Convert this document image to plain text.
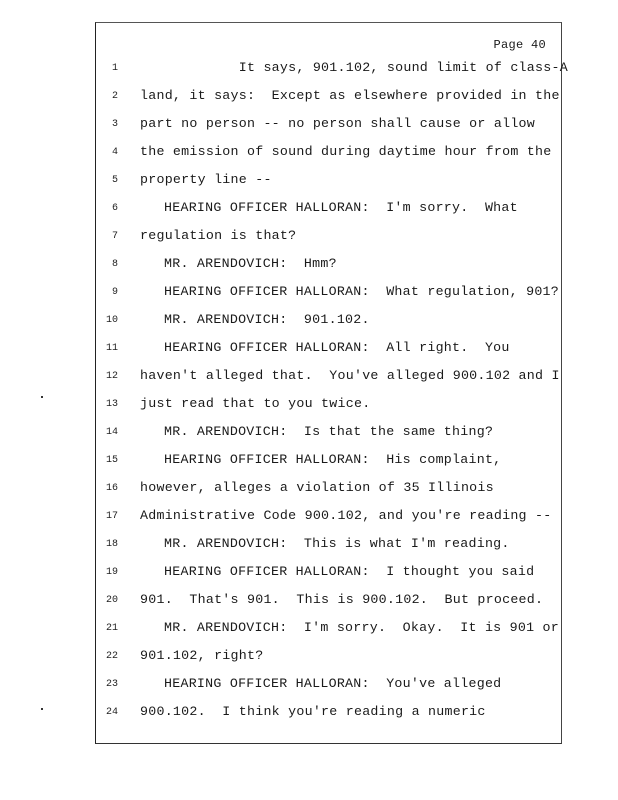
Page 40
1 It says, 901.102, sound limit of class-A
2 land, it says:  Except as elsewhere provided in the
3 part no person -- no person shall cause or allow
4 the emission of sound during daytime hour from the
5 property line --
6	HEARING OFFICER HALLORAN:  I'm sorry.  What
7 regulation is that?
8	MR. ARENDOVICH:  Hmm?
9	HEARING OFFICER HALLORAN:  What regulation, 901?
10	MR. ARENDOVICH:  901.102.
11	HEARING OFFICER HALLORAN:  All right.  You
12 haven't alleged that.  You've alleged 900.102 and I
13 just read that to you twice.
14	MR. ARENDOVICH:  Is that the same thing?
15	HEARING OFFICER HALLORAN:  His complaint,
16 however, alleges a violation of 35 Illinois
17 Administrative Code 900.102, and you're reading --
18	MR. ARENDOVICH:  This is what I'm reading.
19	HEARING OFFICER HALLORAN:  I thought you said
20 901.  That's 901.  This is 900.102.  But proceed.
21	MR. ARENDOVICH:  I'm sorry.  Okay.  It is 901 or
22 901.102, right?
23	HEARING OFFICER HALLORAN:  You've alleged
24 900.102.  I think you're reading a numeric
